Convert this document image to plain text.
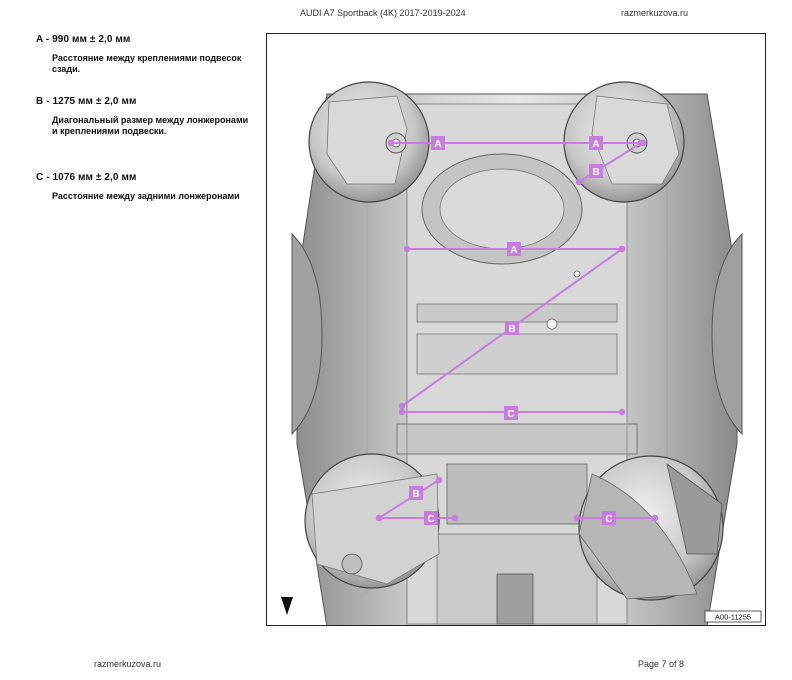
AUDI A7 Sportback (4K) 2017-2019-2024	razmerkuzova.ru
A - 990 мм ± 2,0 мм
Расстояние между креплениями подвесок сзади.
B - 1275 мм ± 2,0 мм
Диагональный размер между лонжеронами и креплениями подвески.
C - 1076 мм ± 2,0 мм
Расстояние между задними лонжеронами
A	A
B
A
B
C
B
C	C
A00-11255
razmerkuzova.ru	Page 7 of 8
